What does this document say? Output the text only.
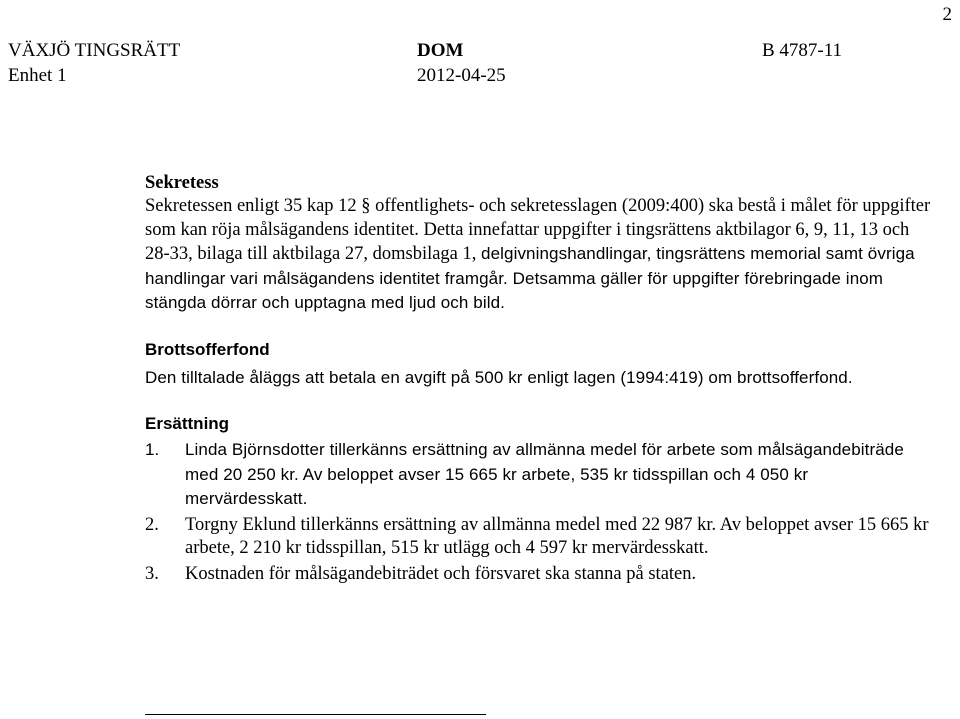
2
VÄXJÖ TINGSRÄTT
Enhet 1
DOM
2012-04-25
B 4787-11
Sekretess

Sekretessen enligt 35 kap 12 § offentlighets- och sekretesslagen (2009:400) ska bestå i målet för uppgifter som kan röja målsägandens identitet. Detta innefattar uppgifter i tingsrättens aktbilagor 6, 9, 11, 13 och 28-33, bilaga till aktbilaga 27, domsbilaga 1, delgivningshandlingar, tingsrättens memorial samt övriga handlingar vari målsägandens identitet framgår. Detsamma gäller för uppgifter förebringade inom stängda dörrar och upptagna med ljud och bild.

Brottsofferfond

Den tilltalade åläggs att betala en avgift på 500 kr enligt lagen (1994:419) om brottsofferfond.

Ersättning
1. Linda Björnsdotter tillerkänns ersättning av allmänna medel för arbete som målsägandebiträde med 20 250 kr. Av beloppet avser 15 665 kr arbete, 535 kr tidsspillan och 4 050 kr mervärdesskatt.
2. Torgny Eklund tillerkänns ersättning av allmänna medel med 22 987 kr. Av beloppet avser 15 665 kr arbete, 2 210 kr tidsspillan, 515 kr utlägg och 4 597 kr mervärdesskatt.
3. Kostnaden för målsägandebiträdet och försvaret ska stanna på staten.
